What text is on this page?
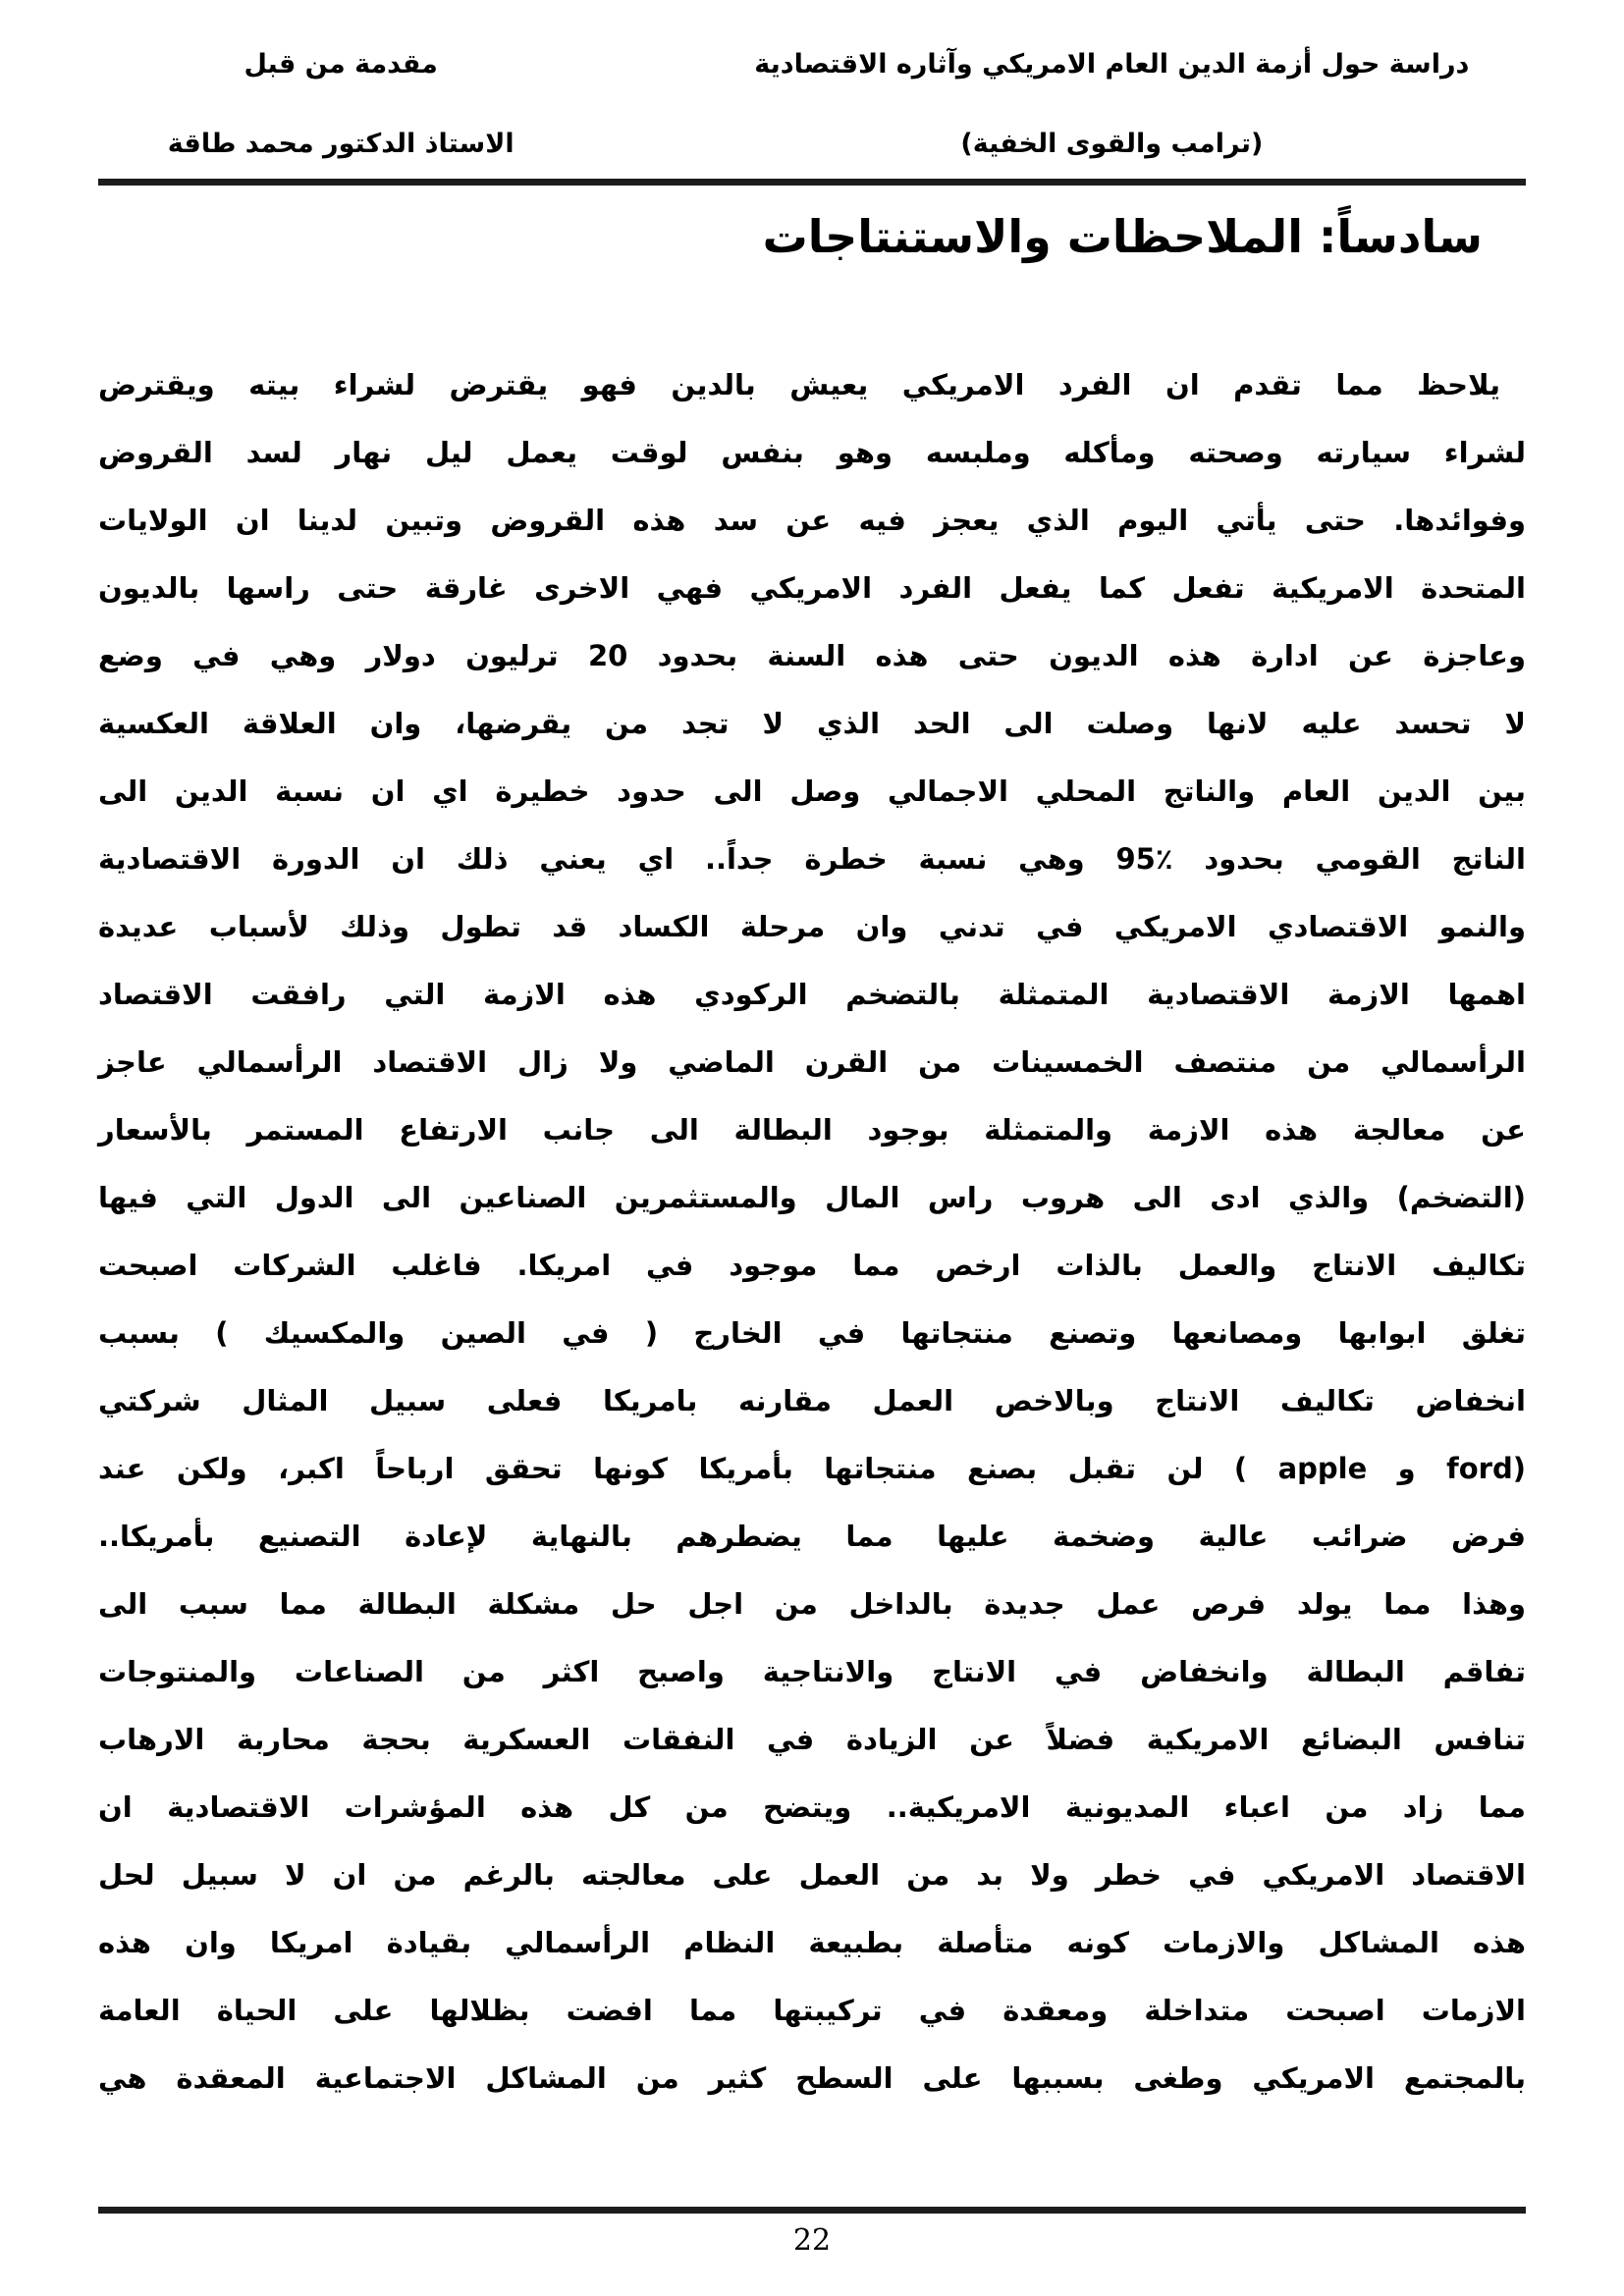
دراسة حول أزمة الدين العام الامريكي وآثاره الاقتصادية
(ترامب والقوى الخفية)
مقدمة من قبل
الاستاذ الدكتور محمد طاقة
سادساً: الملاحظات والاستنتاجات
يلاحظ مما تقدم ان الفرد الامريكي يعيش بالدين فهو يقترض لشراء بيته ويقترض
لشراء سيارته وصحته ومأكله وملبسه وهو بنفس لوقت يعمل ليل نهار لسد القروض
وفوائدها. حتى يأتي اليوم الذي يعجز فيه عن سد هذه القروض وتبين لدينا ان الولايات
المتحدة الامريكية تفعل كما يفعل الفرد الامريكي فهي الاخرى غارقة حتى راسها بالديون
وعاجزة عن ادارة هذه الديون حتى هذه السنة بحدود 20 ترليون دولار وهي في وضع
لا تحسد عليه لانها وصلت الى الحد الذي لا تجد من يقرضها، وان العلاقة العكسية
بين الدين العام والناتج المحلي الاجمالي وصل الى حدود خطيرة اي ان نسبة الدين الى
الناتج القومي بحدود ٪95 وهي نسبة خطرة جداً.. اي يعني ذلك ان الدورة الاقتصادية
والنمو الاقتصادي الامريكي في تدني وان مرحلة الكساد قد تطول وذلك لأسباب عديدة
اهمها الازمة الاقتصادية المتمثلة بالتضخم الركودي هذه الازمة التي رافقت الاقتصاد
الرأسمالي من منتصف الخمسينات من القرن الماضي ولا زال الاقتصاد الرأسمالي عاجز
عن معالجة هذه الازمة والمتمثلة بوجود البطالة الى جانب الارتفاع المستمر بالأسعار
(التضخم) والذي ادى الى هروب راس المال والمستثمرين الصناعين الى الدول التي فيها
تكاليف الانتاج والعمل بالذات ارخص مما موجود في امريكا. فاغلب الشركات اصبحت
تغلق ابوابها ومصانعها وتصنع منتجاتها في الخارج ( في الصين والمكسيك ) بسبب
انخفاض تكاليف الانتاج وبالاخص العمل مقارنه بامريكا فعلى سبيل المثال شركتي
(ford و apple ) لن تقبل بصنع منتجاتها بأمريكا كونها تحقق ارباحاً اكبر، ولكن عند
فرض ضرائب عالية وضخمة عليها مما يضطرهم بالنهاية لإعادة التصنيع بأمريكا..
وهذا مما يولد فرص عمل جديدة بالداخل من اجل حل مشكلة البطالة مما سبب الى
تفاقم البطالة وانخفاض في الانتاج والانتاجية واصبح اكثر من الصناعات والمنتوجات
تنافس البضائع الامريكية فضلاً عن الزيادة في النفقات العسكرية بحجة محاربة الارهاب
مما زاد من اعباء المديونية الامريكية.. ويتضح من كل هذه المؤشرات الاقتصادية ان
الاقتصاد الامريكي في خطر ولا بد من العمل على معالجته بالرغم من ان لا سبيل لحل
هذه المشاكل والازمات كونه متأصلة بطبيعة النظام الرأسمالي بقيادة امريكا وان هذه
الازمات اصبحت متداخلة ومعقدة في تركيبتها مما افضت بظلالها على الحياة العامة
بالمجتمع الامريكي وطغى بسببها على السطح كثير من المشاكل الاجتماعية المعقدة هي
22
